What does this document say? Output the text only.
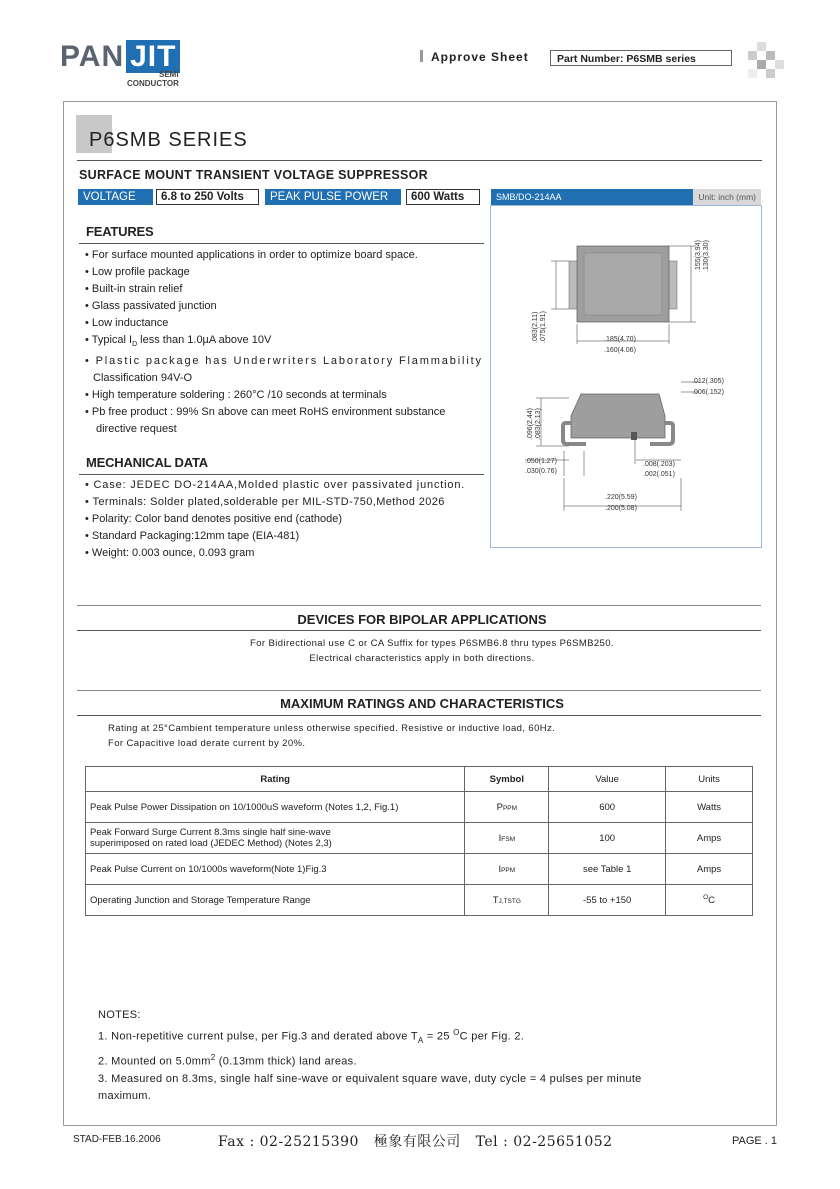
PAN JIT
SEMI
CONDUCTOR
Approve Sheet	Part Number: P6SMB series
P6SMB SERIES
SURFACE MOUNT TRANSIENT VOLTAGE SUPPRESSOR
VOLTAGE	6.8 to 250 Volts	PEAK PULSE POWER	600 Watts
FEATURES
• For surface mounted applications in order to optimize board space.
• Low profile package
• Built-in strain relief
• Glass passivated junction
• Low inductance
• Typical $I_D$ less than 1.0µA above 10V
• Plastic package has Underwriters Laboratory Flammability
Classification 94V-O
• High temperature soldering : 260°C /10 seconds at terminals
• Pb free product : 99% Sn above can meet RoHS environment substance
directive request
MECHANICAL DATA
• Case: JEDEC DO-214AA,Molded plastic over passivated junction.
• Terminals: Solder plated,solderable per MIL-STD-750,Method 2026
• Polarity: Color band denotes positive end (cathode)
• Standard Packaging:12mm tape (EIA-481)
• Weight: 0.003 ounce, 0.093 gram
SMB/DO-214AA	Unit: inch (mm)
.155(3.94) .130(3.30)
.083(2.11) .075(1.91)	.185(4.70)
.160(4.06)
.012(.305)
.006(.152)
.096(2.44) .083(2.13)
.050(1.27)
.030(0.76)
.008(.203)
.002(.051)
.220(5.59)
.200(5.08)
DEVICES FOR BIPOLAR APPLICATIONS
For Bidirectional use C or CA Suffix for types P6SMB6.8 thru types P6SMB250.
Electrical characteristics apply in both directions.
MAXIMUM RATINGS AND CHARACTERISTICS
Rating at 25°Cambient temperature unless otherwise specified. Resistive or inductive load, 60Hz.
For Capacitive load derate current by 20%.
Rating	Symbol	Value	Units
Peak Pulse Power Dissipation on 10/1000uS waveform (Notes 1,2, Fig.1)	PPPM	600	Watts

Peak Forward Surge Current 8.3ms single half sine-wave
superimposed on rated load (JEDEC Method) (Notes 2,3)	IFSM	100	Amps
Peak Pulse Current on 10/1000s waveform(Note 1)Fig.3	IPPM	see Table 1	Amps
Operating Junction and Storage Temperature Range	TJ,TSTG	-55 to +150	$^O$C
NOTES:
1. Non-repetitive current pulse, per Fig.3 and derated above $T_A = 25$ $^O$C per Fig. 2.
2. Mounted on $5.0mm^2$ (0.13mm thick) land areas.
3. Measured on 8.3ms, single half sine-wave or equivalent square wave, duty cycle = 4 pulses per minute
maximum.
STAD-FEB.16.2006	Fax : 02-25215390   極象有限公司   Tel : 02-25651052	PAGE . 1
